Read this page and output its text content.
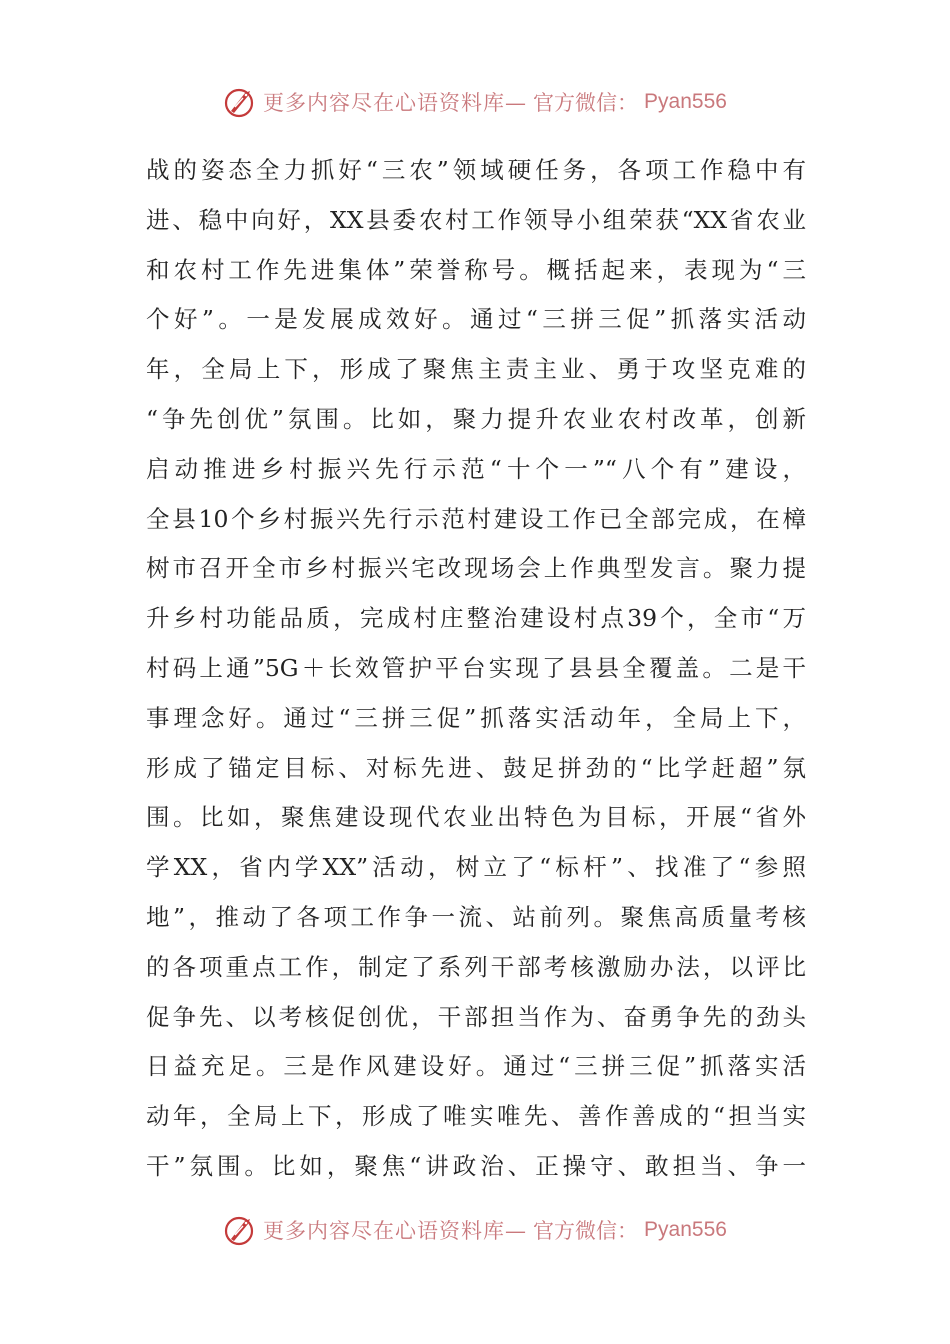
更多内容尽在心语资料库— 官方微信： Pyan556
战的姿态全力抓好“三农”领域硬任务，各项工作稳中有
进、稳中向好，XX县委农村工作领导小组荣获“XX省农业
和农村工作先进集体”荣誉称号。概括起来，表现为“三
个好”。一是发展成效好。通过“三拼三促”抓落实活动
年，全局上下，形成了聚焦主责主业、勇于攻坚克难的
“争先创优”氛围。比如，聚力提升农业农村改革，创新
启动推进乡村振兴先行示范“十个一”“八个有”建设，
全县10个乡村振兴先行示范村建设工作已全部完成，在樟
树市召开全市乡村振兴宅改现场会上作典型发言。聚力提
升乡村功能品质，完成村庄整治建设村点39个，全市“万
村码上通”5G＋长效管护平台实现了县县全覆盖。二是干
事理念好。通过“三拼三促”抓落实活动年，全局上下，
形成了锚定目标、对标先进、鼓足拼劲的“比学赶超”氛
围。比如，聚焦建设现代农业出特色为目标，开展“省外
学XX，省内学XX”活动，树立了“标杆”、找准了“参照
地”，推动了各项工作争一流、站前列。聚焦高质量考核
的各项重点工作，制定了系列干部考核激励办法，以评比
促争先、以考核促创优，干部担当作为、奋勇争先的劲头
日益充足。三是作风建设好。通过“三拼三促”抓落实活
动年，全局上下，形成了唯实唯先、善作善成的“担当实
干”氛围。比如，聚焦“讲政治、正操守、敢担当、争一
更多内容尽在心语资料库— 官方微信： Pyan556
